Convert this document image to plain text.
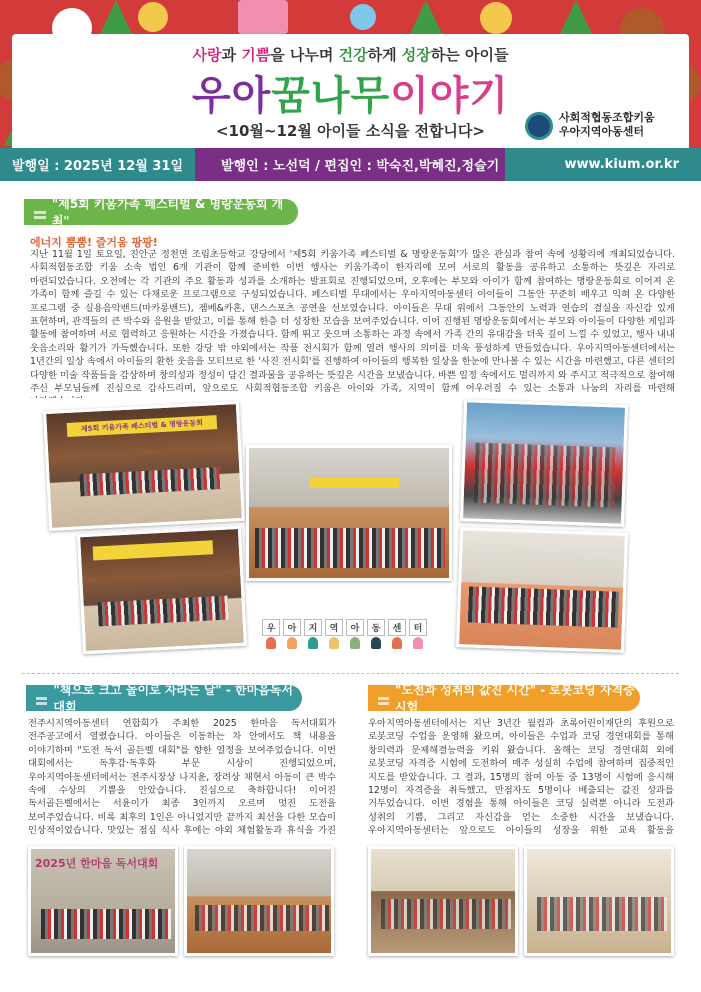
사랑과 기쁨을 나누며 건강하게 성장하는 아이들
우아꿈나무이야기
<10월~12월 아이들 소식을 전합니다>
사회적협동조합키움
우아지역아동센터
발행일 : 2025년 12월 31일	발행인 : 노선덕 / 편집인 : 박숙진,박혜진,정슬기	www.kium.or.kr
"제5회 키움가족 페스티벌 & 명랑운동회 개최"
에너지 뿜뿜! 즐거움 팡팡!
지난 11월 1일 토요일, 진안군 정천면 조림초등학교 강당에서 '제5회 키움가족 페스티벌 & 명랑운동회'가 많은 관심과 참여 속에 성황리에 개최되었습니다. 사회적협동조합 키움 소속 법인 6개 기관이 함께 준비한 이번 행사는 키움가족이 한자리에 모여 서로의 활동을 공유하고 소통하는 뜻깊은 자리로 마련되었습니다. 오전에는 각 기관의 주요 활동과 성과를 소개하는 발표회로 진행되었으며, 오후에는 부모와 아이가 함께 참여하는 명랑운동회로 이어져 온 가족이 함께 즐길 수 있는 다채로운 프로그램으로 구성되었습니다. 페스티벌 무대에서는 우아지역아동센터 아이들이 그동안 꾸준히 배우고 익혀 온 다양한 프로그램 중 실용음악밴드(마카롱밴드), 젬베&카혼, 댄스스포츠 공연을 선보였습니다. 아이들은 무대 위에서 그동안의 노력과 연습의 결실을 자신감 있게 표현하며, 관객들의 큰 박수와 응원을 받았고, 이를 통해 한층 더 성장한 모습을 보여주었습니다. 이어 진행된 명랑운동회에서는 부모와 아이들이 다양한 게임과 활동에 참여하며 서로 협력하고 응원하는 시간을 가졌습니다. 함께 뛰고 웃으며 소통하는 과정 속에서 가족 간의 유대감을 더욱 깊이 느낄 수 있었고, 행사 내내 웃음소리와 활기가 가득했습니다. 또한 강당 밖 야외에서는 작품 전시회가 함께 열려 행사의 의미를 더욱 풍성하게 만들었습니다. 우아지역아동센터에서는 1년간의 일상 속에서 아이들의 환한 웃음을 모티브로 한 '사진 전시회'를 진행하여 아이들의 행복한 일상을 한눈에 만나볼 수 있는 시간을 마련했고, 다른 센터의 다양한 미술 작품들을 감상하며 창의성과 정성이 담긴 결과물을 공유하는 뜻깊은 시간을 보냈습니다. 바쁜 일정 속에서도 멀리까지 와 주시고 적극적으로 참여해 주신 부모님들께 진심으로 감사드리며, 앞으로도 사회적협동조합 키움은 아이와 가족, 지역이 함께 어우러질 수 있는 소통과 나눔의 자리를 마련해
제5회 키움가족 페스티벌 & 명랑운동회
우	아	지	역	아	동	센	터
"책으로 크고 놀이로 자라는 날" - 한마음독서대회
전주시지역아동센터 연합회가 주최한 2025 한마음 독서대회가 전주공고에서 열렸습니다. 아이들은 이동하는 차 안에서도 책 내용을 이야기하며 "도전 독서 골든벨 대회"를 향한 열정을 보여주었습니다. 이번 대회에서는 독후감·독후화 부문 시상이 진행되었으며, 우아지역아동센터에서는 전주시장상 나지윤, 장려상 채현서 아동이 큰 박수 속에 수상의 기쁨을 안았습니다. 진심으로 축하합니다! 이어진 독서골든벨에서는 서윤이가 최종 3인까지 오르며 멋진 도전을 보여주었습니다. 비록 최후의 1인은 아니었지만 끝까지 최선을 다한 모습이 인상적이었습니다. 맛있는 점심 식사 후에는 야외 체험활동과 휴식을 가진
2025년 한마음 독서대회
"도전과 성취의 값진 시간" - 로봇코딩 자격증 시험
우아지역아동센터에서는 지난 3년간 월컴과 초록어린이재단의 후원으로 로봇코딩 수업을 운영해 왔으며, 아이들은 수업과 코딩 경연대회를 통해 창의력과 문제해결능력을 키워 왔습니다. 올해는 코딩 경연대회 외에 로봇코딩 자격증 시험에 도전하여 매주 성실히 수업에 참여하며 집중적인 지도를 받았습니다. 그 결과, 15명의 참여 아동 중 13명이 시험에 응시해 12명이 자격증을 취득했고, 만점자도 5명이나 배출되는 값진 성과를 거두었습니다. 이번 경험을 통해 아이들은 코딩 실력뿐 아니라 도전과 성취의 기쁨, 그리고 자신감을 얻는 소중한 시간을 보냈습니다. 우아지역아동센터는 앞으로도 아이들의 성장을 위한 교육 활동을
